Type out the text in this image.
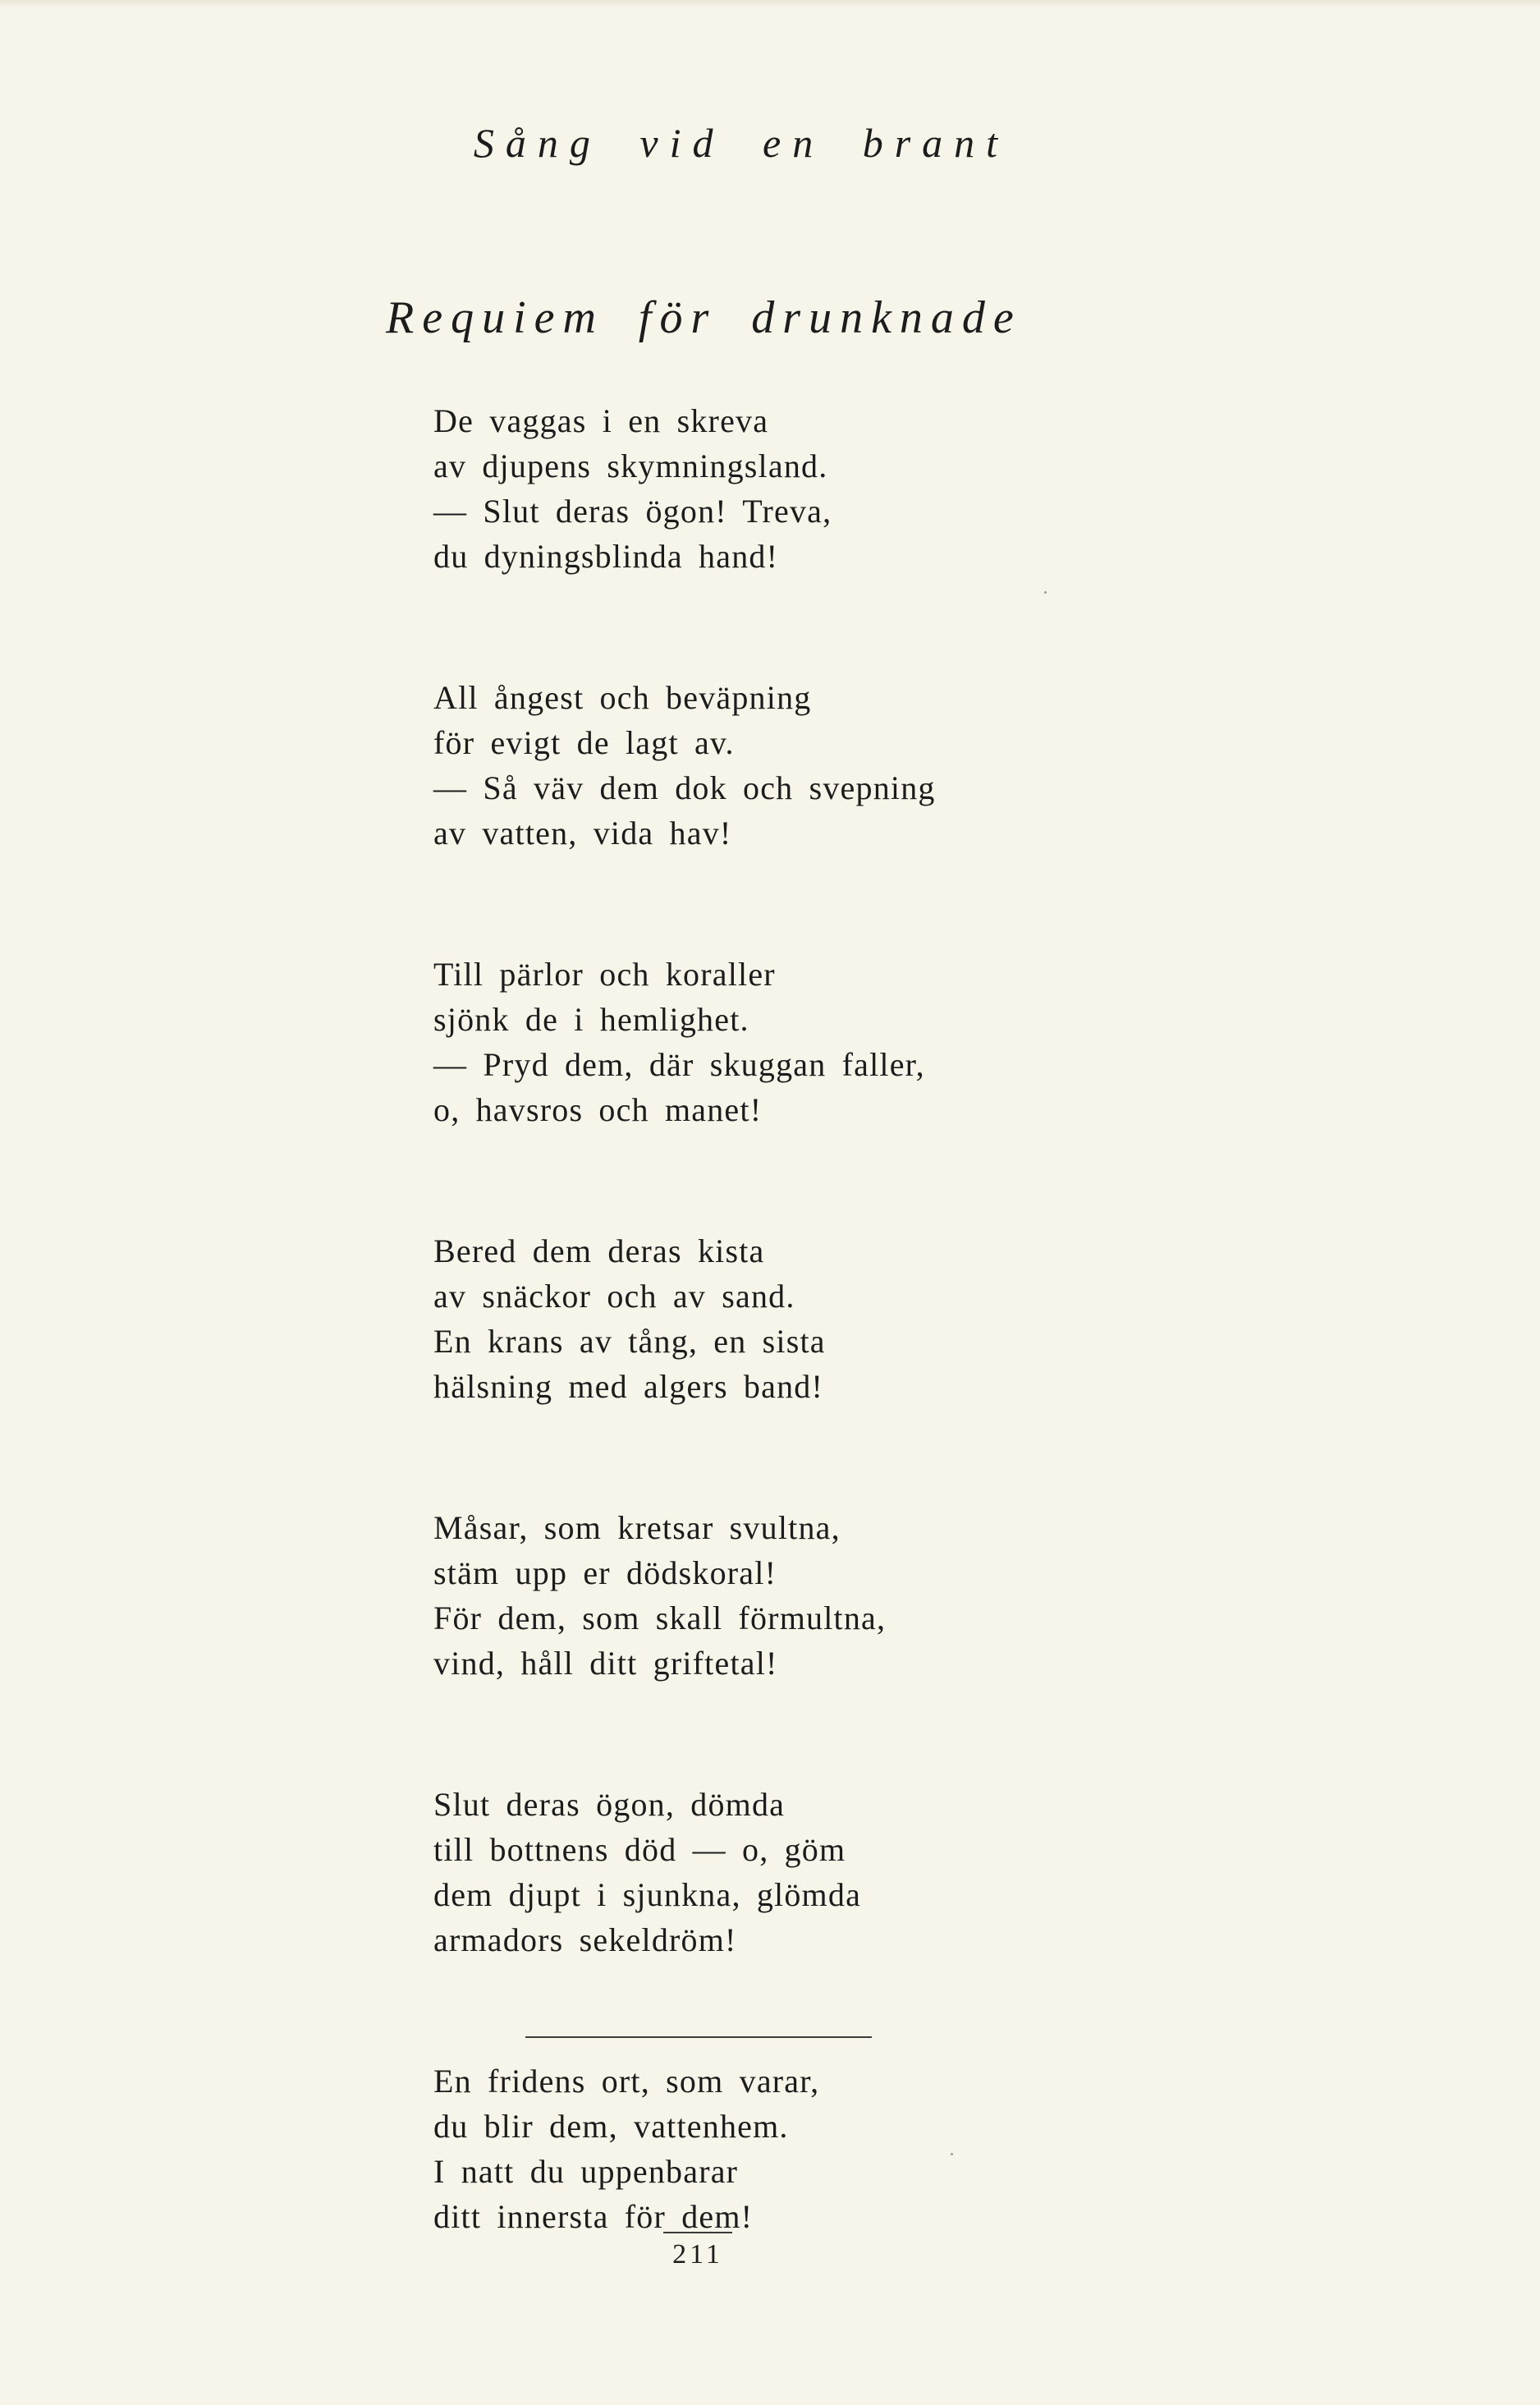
Sång vid en brant
Requiem för drunknade
De vaggas i en skreva
av djupens skymningsland.
— Slut deras ögon! Treva,
du dyningsblinda hand!
All ångest och beväpning
för evigt de lagt av.
— Så väv dem dok och svepning
av vatten, vida hav!
Till pärlor och koraller
sjönk de i hemlighet.
— Pryd dem, där skuggan faller,
o, havsros och manet!
Bered dem deras kista
av snäckor och av sand.
En krans av tång, en sista
hälsning med algers band!
Måsar, som kretsar svultna,
stäm upp er dödskoral!
För dem, som skall förmultna,
vind, håll ditt griftetal!
Slut deras ögon, dömda
till bottnens död — o, göm
dem djupt i sjunkna, glömda
armadors sekeldröm!
En fridens ort, som varar,
du blir dem, vattenhem.
I natt du uppenbarar
ditt innersta för dem!
211
